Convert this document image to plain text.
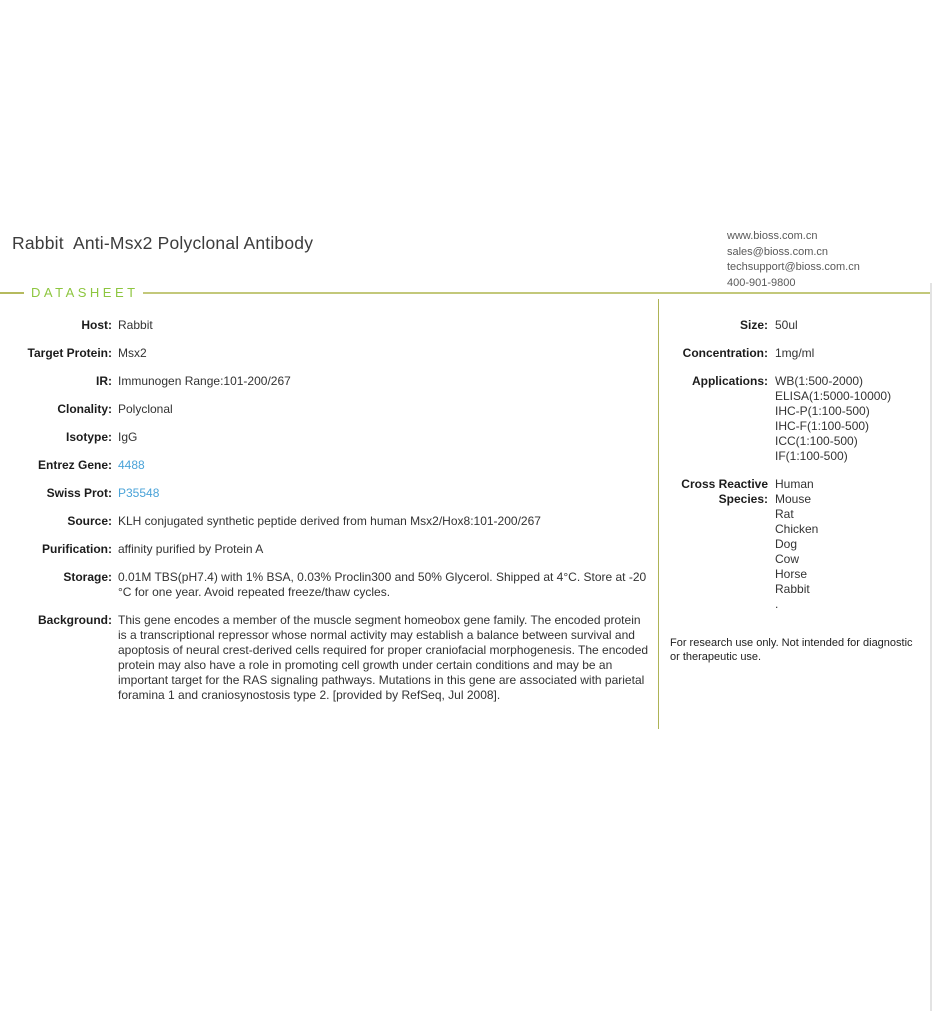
Rabbit  Anti-Msx2 Polyclonal Antibody	www.bioss.com.cn
sales@bioss.com.cn
techsupport@bioss.com.cn
400-901-9800
DATASHEET
Host: Rabbit
Target Protein: Msx2
IR: Immunogen Range:101-200/267
Clonality: Polyclonal
Isotype: IgG
Entrez Gene: 4488
Swiss Prot: P35548
Source: KLH conjugated synthetic peptide derived from human Msx2/Hox8:101-200/267
Purification: affinity purified by Protein A
Storage: 0.01M TBS(pH7.4) with 1% BSA, 0.03% Proclin300 and 50% Glycerol. Shipped at 4°C. Store at -20 °C for one year. Avoid repeated freeze/thaw cycles.
Background: This gene encodes a member of the muscle segment homeobox gene family. The encoded protein is a transcriptional repressor whose normal activity may establish a balance between survival and apoptosis of neural crest-derived cells required for proper craniofacial morphogenesis. The encoded protein may also have a role in promoting cell growth under certain conditions and may be an important target for the RAS signaling pathways. Mutations in this gene are associated with parietal foramina 1 and craniosynostosis type 2. [provided by RefSeq, Jul 2008].
Size: 50ul
Concentration: 1mg/ml
Applications: WB(1:500-2000)
ELISA(1:5000-10000)
IHC-P(1:100-500)
IHC-F(1:100-500)
ICC(1:100-500)
IF(1:100-500)
Cross Reactive
Species:
Human
Mouse
Rat
Chicken
Dog
Cow
Horse
Rabbit
.
For research use only. Not intended for diagnostic or therapeutic use.
